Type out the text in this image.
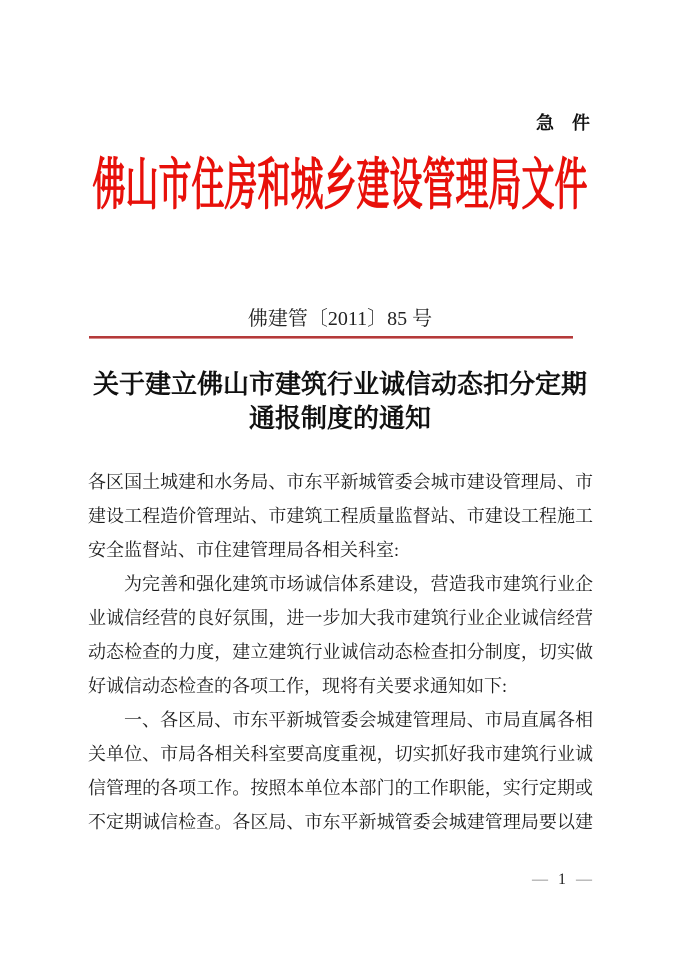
急　件
佛山市住房和城乡建设管理局文件
佛建管〔2011〕85 号
关于建立佛山市建筑行业诚信动态扣分定期
通报制度的通知
各区国土城建和水务局、市东平新城管委会城市建设管理局、市
建设工程造价管理站、市建筑工程质量监督站、市建设工程施工
安全监督站、市住建管理局各相关科室:
为完善和强化建筑市场诚信体系建设，营造我市建筑行业企
业诚信经营的良好氛围，进一步加大我市建筑行业企业诚信经营
动态检查的力度，建立建筑行业诚信动态检查扣分制度，切实做
好诚信动态检查的各项工作，现将有关要求通知如下:
一、各区局、市东平新城管委会城建管理局、市局直属各相
关单位、市局各相关科室要高度重视，切实抓好我市建筑行业诚
信管理的各项工作。按照本单位本部门的工作职能，实行定期或
不定期诚信检查。各区局、市东平新城管委会城建管理局要以建
— 1 —
